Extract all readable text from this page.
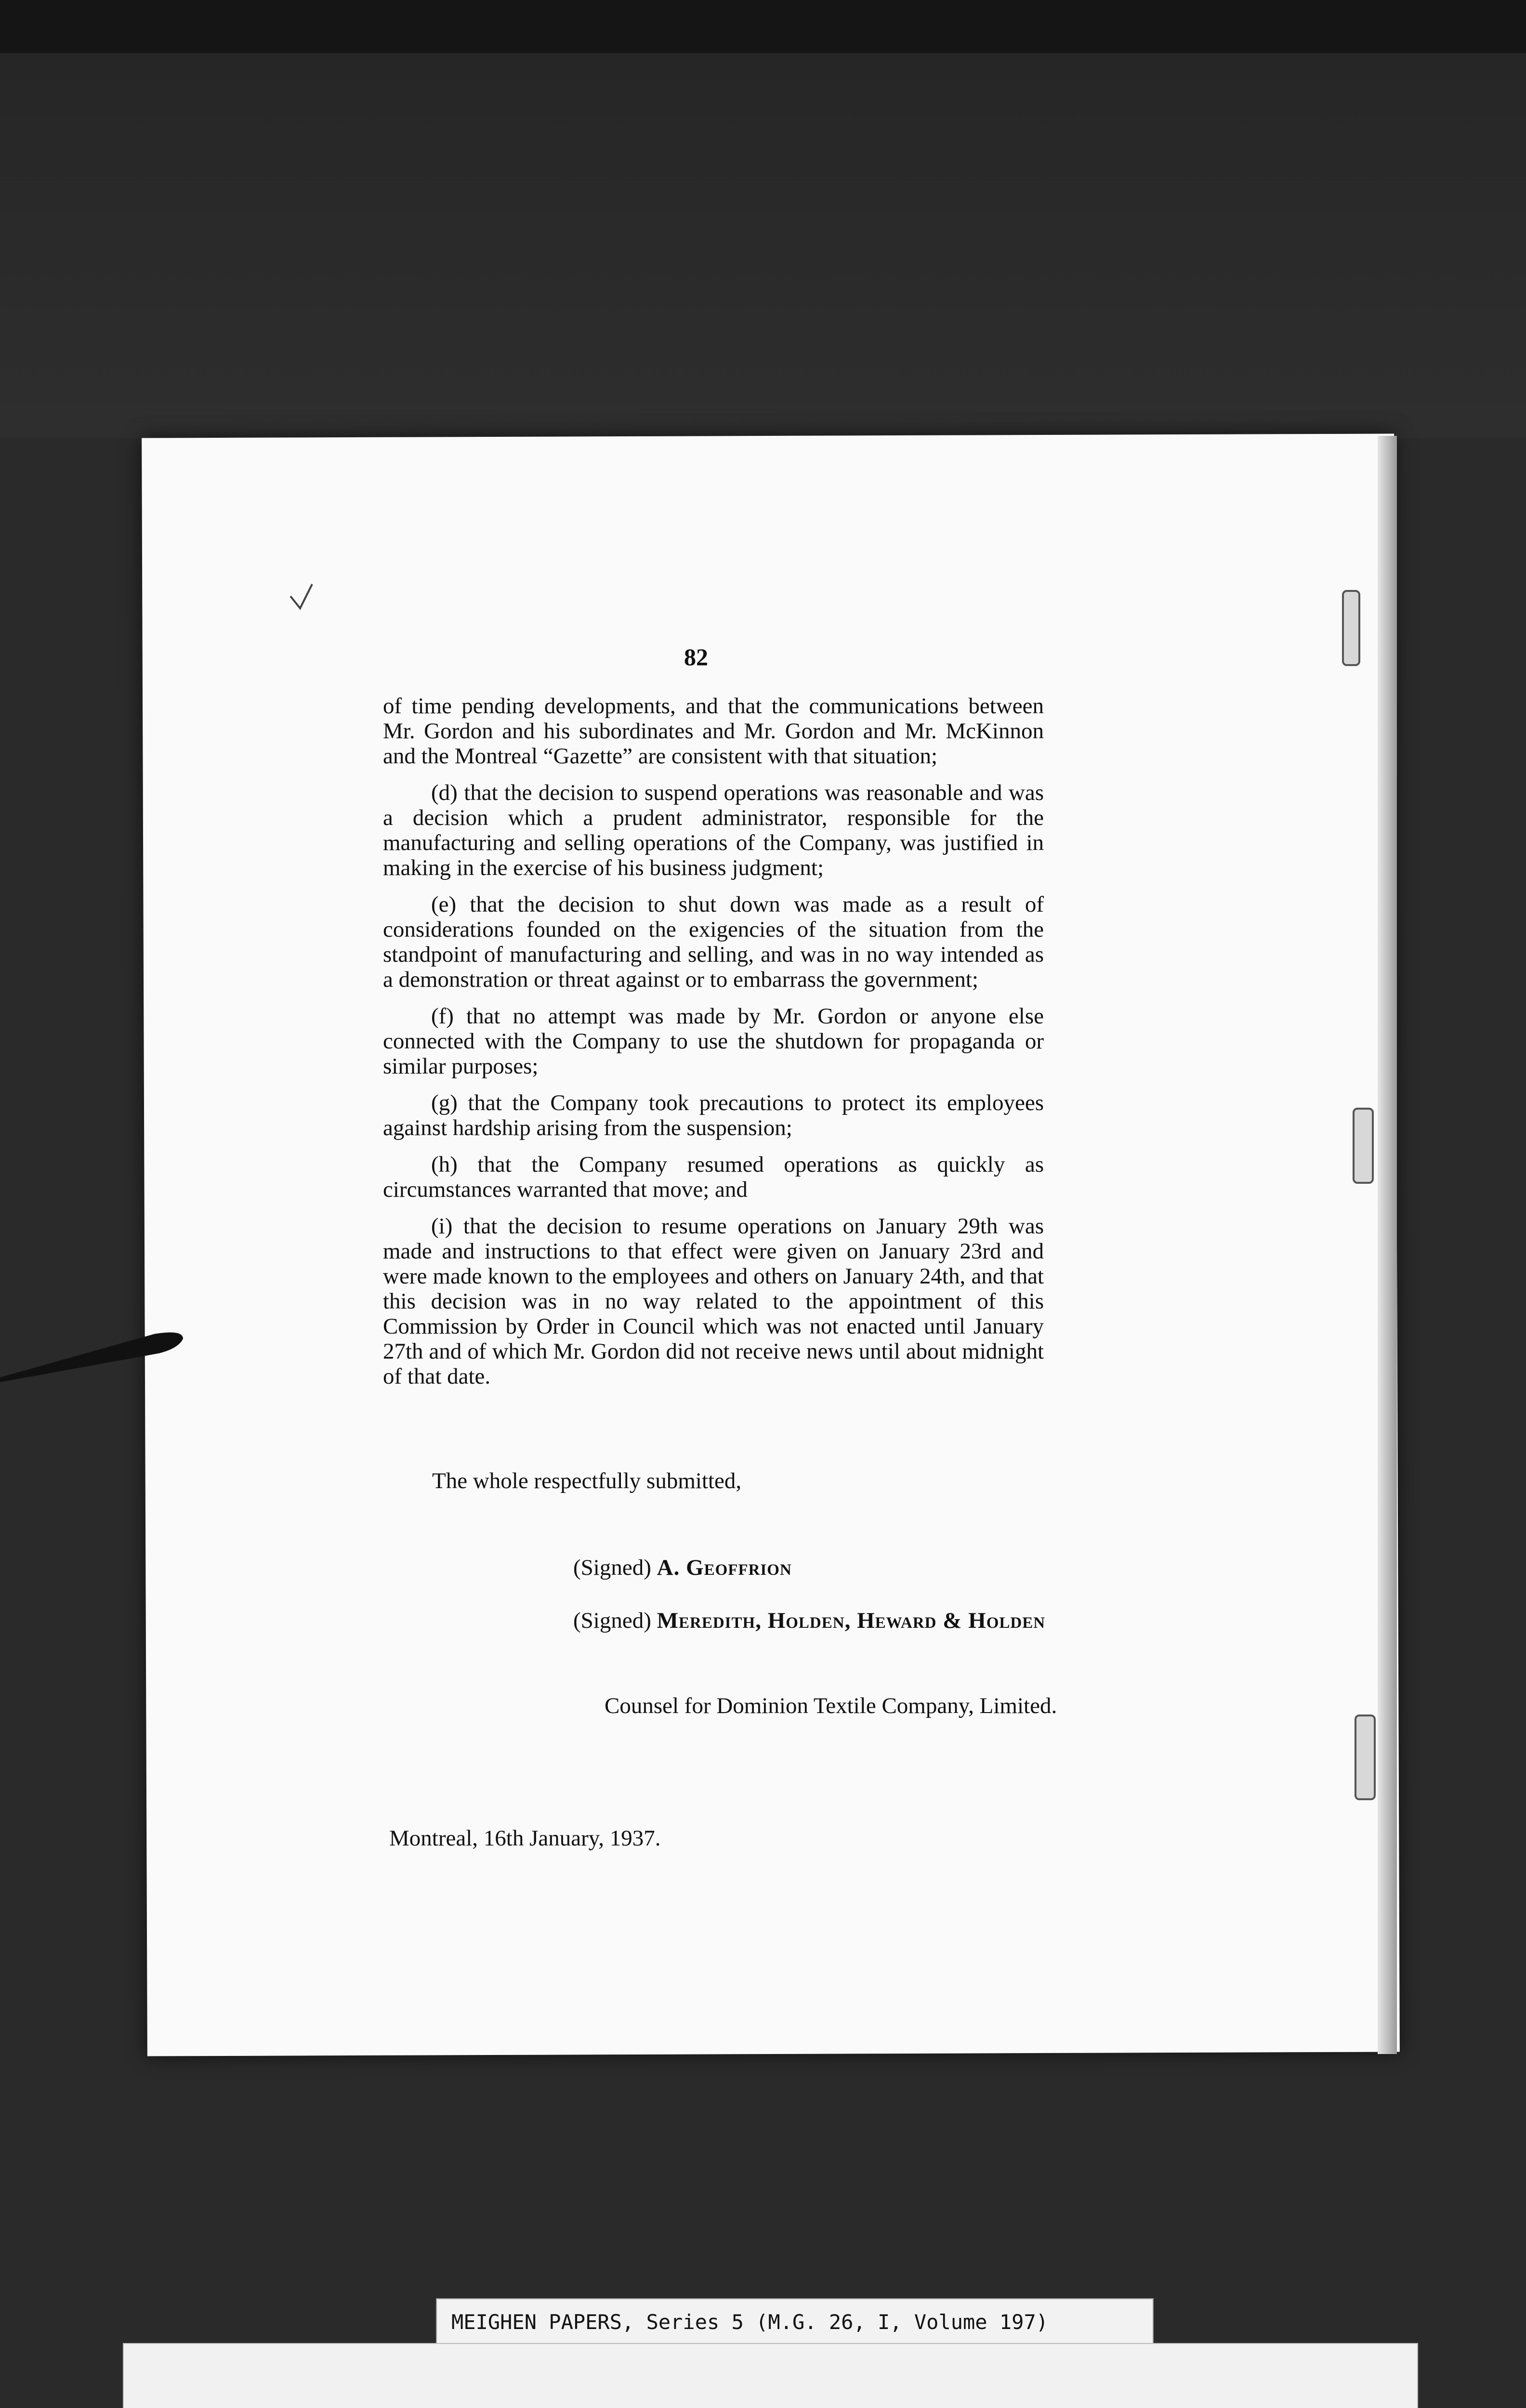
82

of time pending developments, and that the communications between Mr. Gordon and his subordinates and Mr. Gordon and Mr. McKinnon and the Montreal “Gazette” are consistent with that situation;

(d) that the decision to suspend operations was reasonable and was a decision which a prudent administrator, responsible for the manufacturing and selling operations of the Company, was justified in making in the exercise of his business judgment;

(e) that the decision to shut down was made as a result of considerations founded on the exigencies of the situation from the standpoint of manufacturing and selling, and was in no way intended as a demonstration or threat against or to embarrass the government;

(f) that no attempt was made by Mr. Gordon or anyone else connected with the Company to use the shutdown for propaganda or similar purposes;

(g) that the Company took precautions to protect its employees against hardship arising from the suspension;

(h) that the Company resumed operations as quickly as circumstances warranted that move; and

(i) that the decision to resume operations on January 29th was made and instructions to that effect were given on January 23rd and were made known to the employees and others on January 24th, and that this decision was in no way related to the appointment of this Commission by Order in Council which was not enacted until January 27th and of which Mr. Gordon did not receive news until about midnight of that date.

The whole respectfully submitted,
(Signed) A. Geoffrion
(Signed) Meredith, Holden, Heward & Holden
Counsel for Dominion Textile Company, Limited.
Montreal, 16th January, 1937.
MEIGHEN PAPERS, Series 5 (M.G. 26, I, Volume 197)
